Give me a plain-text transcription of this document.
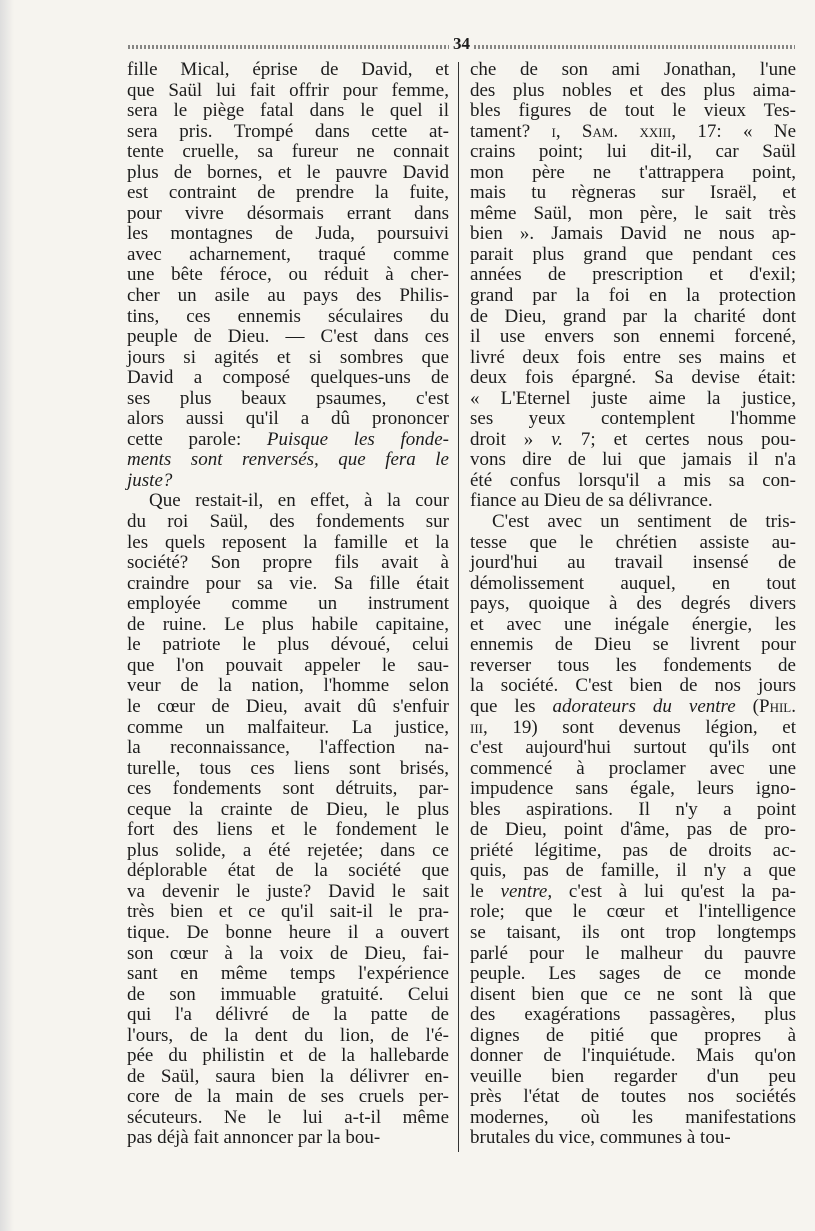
34
fille Mical, éprise de David, et
que Saül lui fait offrir pour femme,
sera le piège fatal dans le quel il
sera pris. Trompé dans cette at-
tente cruelle, sa fureur ne connait
plus de bornes, et le pauvre David
est contraint de prendre la fuite,
pour vivre désormais errant dans
les montagnes de Juda, poursuivi
avec acharnement, traqué comme
une bête féroce, ou réduit à cher-
cher un asile au pays des Philis-
tins, ces ennemis séculaires du
peuple de Dieu. — C'est dans ces
jours si agités et si sombres que
David a composé quelques-uns de
ses plus beaux psaumes, c'est
alors aussi qu'il a dû prononcer
cette parole: Puisque les fonde-
ments sont renversés, que fera le
juste?
Que restait-il, en effet, à la cour
du roi Saül, des fondements sur
les quels reposent la famille et la
société? Son propre fils avait à
craindre pour sa vie. Sa fille était
employée comme un instrument
de ruine. Le plus habile capitaine,
le patriote le plus dévoué, celui
que l'on pouvait appeler le sau-
veur de la nation, l'homme selon
le cœur de Dieu, avait dû s'enfuir
comme un malfaiteur. La justice,
la reconnaissance, l'affection na-
turelle, tous ces liens sont brisés,
ces fondements sont détruits, par-
ceque la crainte de Dieu, le plus
fort des liens et le fondement le
plus solide, a été rejetée; dans ce
déplorable état de la société que
va devenir le juste? David le sait
très bien et ce qu'il sait-il le pra-
tique. De bonne heure il a ouvert
son cœur à la voix de Dieu, fai-
sant en même temps l'expérience
de son immuable gratuité. Celui
qui l'a délivré de la patte de
l'ours, de la dent du lion, de l'é-
pée du philistin et de la hallebarde
de Saül, saura bien la délivrer en-
core de la main de ses cruels per-
sécuteurs. Ne le lui a-t-il même
pas déjà fait annoncer par la bou-
che de son ami Jonathan, l'une
des plus nobles et des plus aima-
bles figures de tout le vieux Tes-
tament? i, Sam. xxiii, 17: « Ne
crains point; lui dit-il, car Saül
mon père ne t'attrappera point,
mais tu règneras sur Israël, et
même Saül, mon père, le sait très
bien ». Jamais David ne nous ap-
parait plus grand que pendant ces
années de prescription et d'exil;
grand par la foi en la protection
de Dieu, grand par la charité dont
il use envers son ennemi forcené,
livré deux fois entre ses mains et
deux fois épargné. Sa devise était:
« L'Eternel juste aime la justice,
ses yeux contemplent l'homme
droit » v. 7; et certes nous pou-
vons dire de lui que jamais il n'a
été confus lorsqu'il a mis sa con-
fiance au Dieu de sa délivrance.
C'est avec un sentiment de tris-
tesse que le chrétien assiste au-
jourd'hui au travail insensé de
démolissement auquel, en tout
pays, quoique à des degrés divers
et avec une inégale énergie, les
ennemis de Dieu se livrent pour
reverser tous les fondements de
la société. C'est bien de nos jours
que les adorateurs du ventre (Phil.
iii, 19) sont devenus légion, et
c'est aujourd'hui surtout qu'ils ont
commencé à proclamer avec une
impudence sans égale, leurs igno-
bles aspirations. Il n'y a point
de Dieu, point d'âme, pas de pro-
priété légitime, pas de droits ac-
quis, pas de famille, il n'y a que
le ventre, c'est à lui qu'est la pa-
role; que le cœur et l'intelligence
se taisant, ils ont trop longtemps
parlé pour le malheur du pauvre
peuple. Les sages de ce monde
disent bien que ce ne sont là que
des exagérations passagères, plus
dignes de pitié que propres à
donner de l'inquiétude. Mais qu'on
veuille bien regarder d'un peu
près l'état de toutes nos sociétés
modernes, où les manifestations
brutales du vice, communes à tou-
